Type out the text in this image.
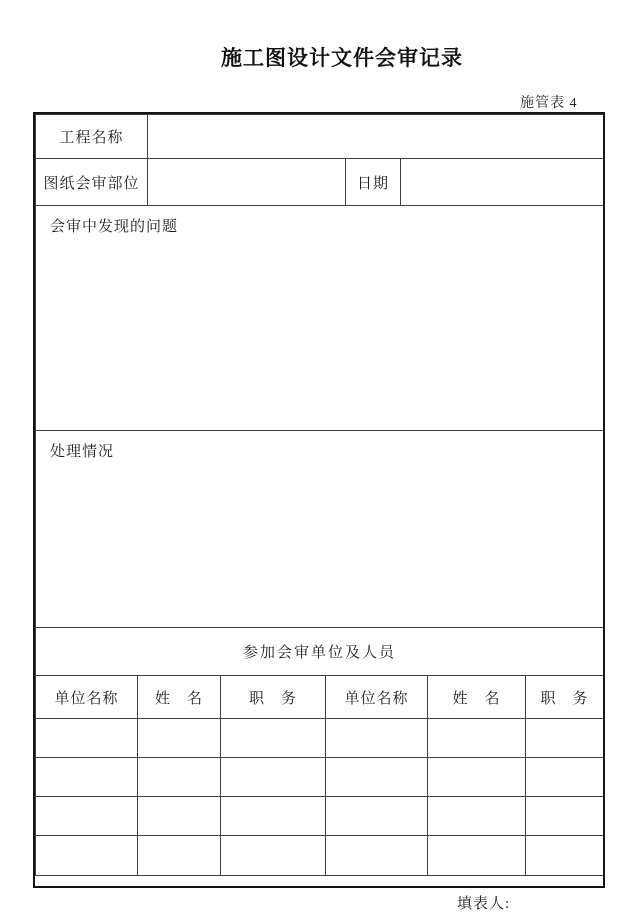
施工图设计文件会审记录
施管表 4
工程名称			
图纸会审部位		日期	
会审中发现的问题			
处理情况			
参加会审单位及人员			
单位名称	姓　名	职　务	单位名称	姓　名	职　务

填表人:
